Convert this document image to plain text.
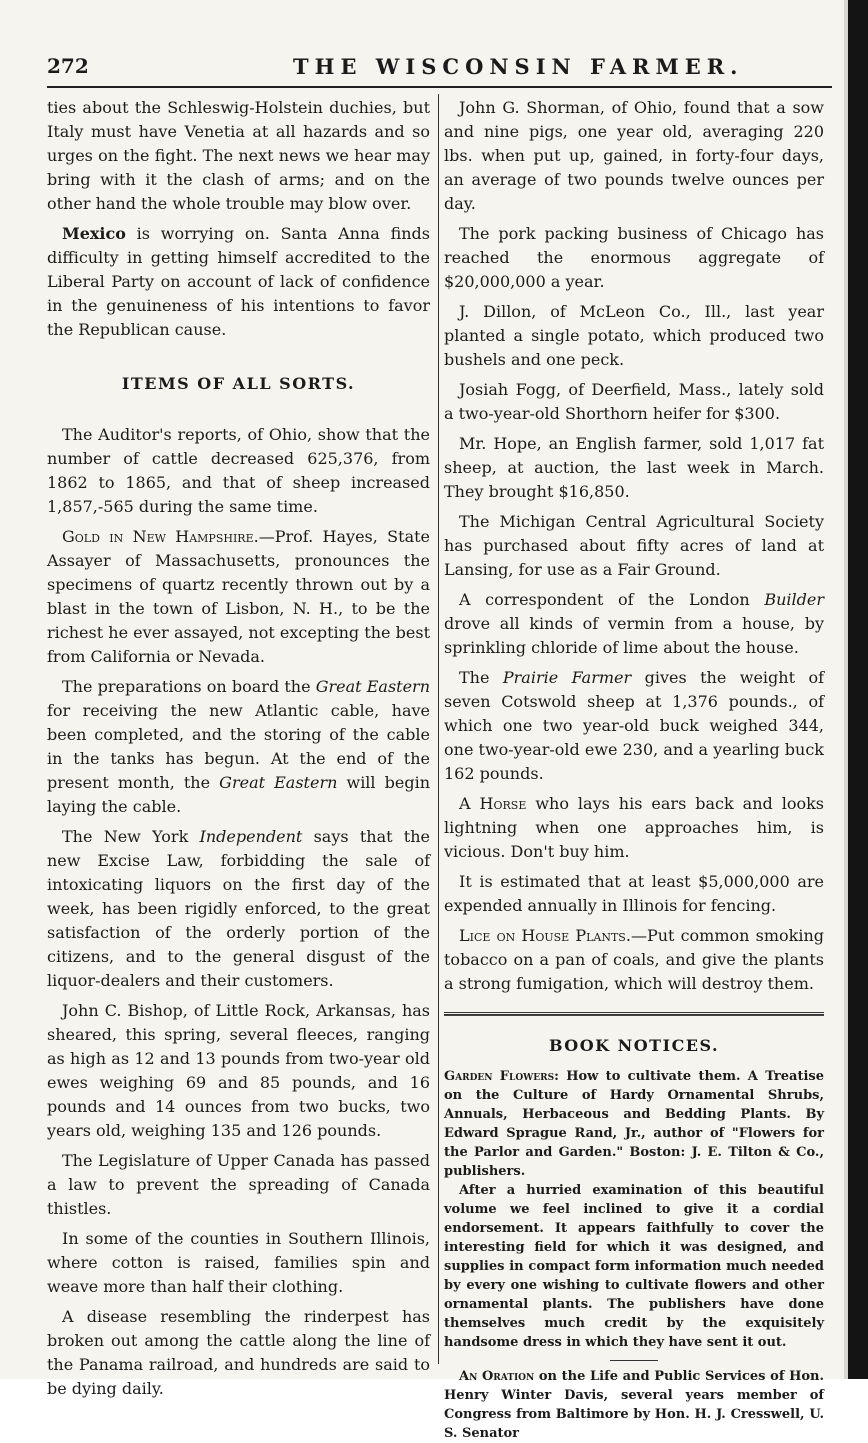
272	THE WISCONSIN FARMER.

ties about the Schleswig-Holstein duchies, but Italy must have Venetia at all hazards and so urges on the fight. The next news we hear may bring with it the clash of arms; and on the other hand the whole trouble may blow over.

Mexico is worrying on. Santa Anna finds difficulty in getting himself accredited to the Liberal Party on account of lack of confidence in the genuineness of his intentions to favor the Republican cause.

ITEMS OF ALL SORTS.

The Auditor's reports, of Ohio, show that the number of cattle decreased 625,376, from 1862 to 1865, and that of sheep increased 1,857,-565 during the same time.

Gold in New Hampshire.—Prof. Hayes, State Assayer of Massachusetts, pronounces the specimens of quartz recently thrown out by a blast in the town of Lisbon, N. H., to be the richest he ever assayed, not excepting the best from California or Nevada.

The preparations on board the Great Eastern for receiving the new Atlantic cable, have been completed, and the storing of the cable in the tanks has begun. At the end of the present month, the Great Eastern will begin laying the cable.

The New York Independent says that the new Excise Law, forbidding the sale of intoxicating liquors on the first day of the week, has been rigidly enforced, to the great satisfaction of the orderly portion of the citizens, and to the general disgust of the liquor-dealers and their customers.

John C. Bishop, of Little Rock, Arkansas, has sheared, this spring, several fleeces, ranging as high as 12 and 13 pounds from two-year old ewes weighing 69 and 85 pounds, and 16 pounds and 14 ounces from two bucks, two years old, weighing 135 and 126 pounds.

The Legislature of Upper Canada has passed a law to prevent the spreading of Canada thistles.

In some of the counties in Southern Illinois, where cotton is raised, families spin and weave more than half their clothing.

A disease resembling the rinderpest has broken out among the cattle along the line of the Panama railroad, and hundreds are said to be dying daily.

John G. Shorman, of Ohio, found that a sow and nine pigs, one year old, averaging 220 lbs. when put up, gained, in forty-four days, an average of two pounds twelve ounces per day.

The pork packing business of Chicago has reached the enormous aggregate of $20,000,000 a year.

J. Dillon, of McLeon Co., Ill., last year planted a single potato, which produced two bushels and one peck.

Josiah Fogg, of Deerfield, Mass., lately sold a two-year-old Shorthorn heifer for $300.

Mr. Hope, an English farmer, sold 1,017 fat sheep, at auction, the last week in March. They brought $16,850.

The Michigan Central Agricultural Society has purchased about fifty acres of land at Lansing, for use as a Fair Ground.

A correspondent of the London Builder drove all kinds of vermin from a house, by sprinkling chloride of lime about the house.

The Prairie Farmer gives the weight of seven Cotswold sheep at 1,376 pounds., of which one two year-old buck weighed 344, one two-year-old ewe 230, and a yearling buck 162 pounds.

A Horse who lays his ears back and looks lightning when one approaches him, is vicious. Don't buy him.

It is estimated that at least $5,000,000 are expended annually in Illinois for fencing.

Lice on House Plants.—Put common smoking tobacco on a pan of coals, and give the plants a strong fumigation, which will destroy them.

BOOK NOTICES.

Garden Flowers: How to cultivate them. A Treatise on the Culture of Hardy Ornamental Shrubs, Annuals, Herbaceous and Bedding Plants. By Edward Sprague Rand, Jr., author of "Flowers for the Parlor and Garden." Boston: J. E. Tilton & Co., publishers.

After a hurried examination of this beautiful volume we feel inclined to give it a cordial endorsement. It appears faithfully to cover the interesting field for which it was designed, and supplies in compact form information much needed by every one wishing to cultivate flowers and other ornamental plants. The publishers have done themselves much credit by the exquisitely handsome dress in which they have sent it out.

An Oration on the Life and Public Services of Hon. Henry Winter Davis, several years member of Congress from Baltimore by Hon. H. J. Cresswell, U. S. Senator
